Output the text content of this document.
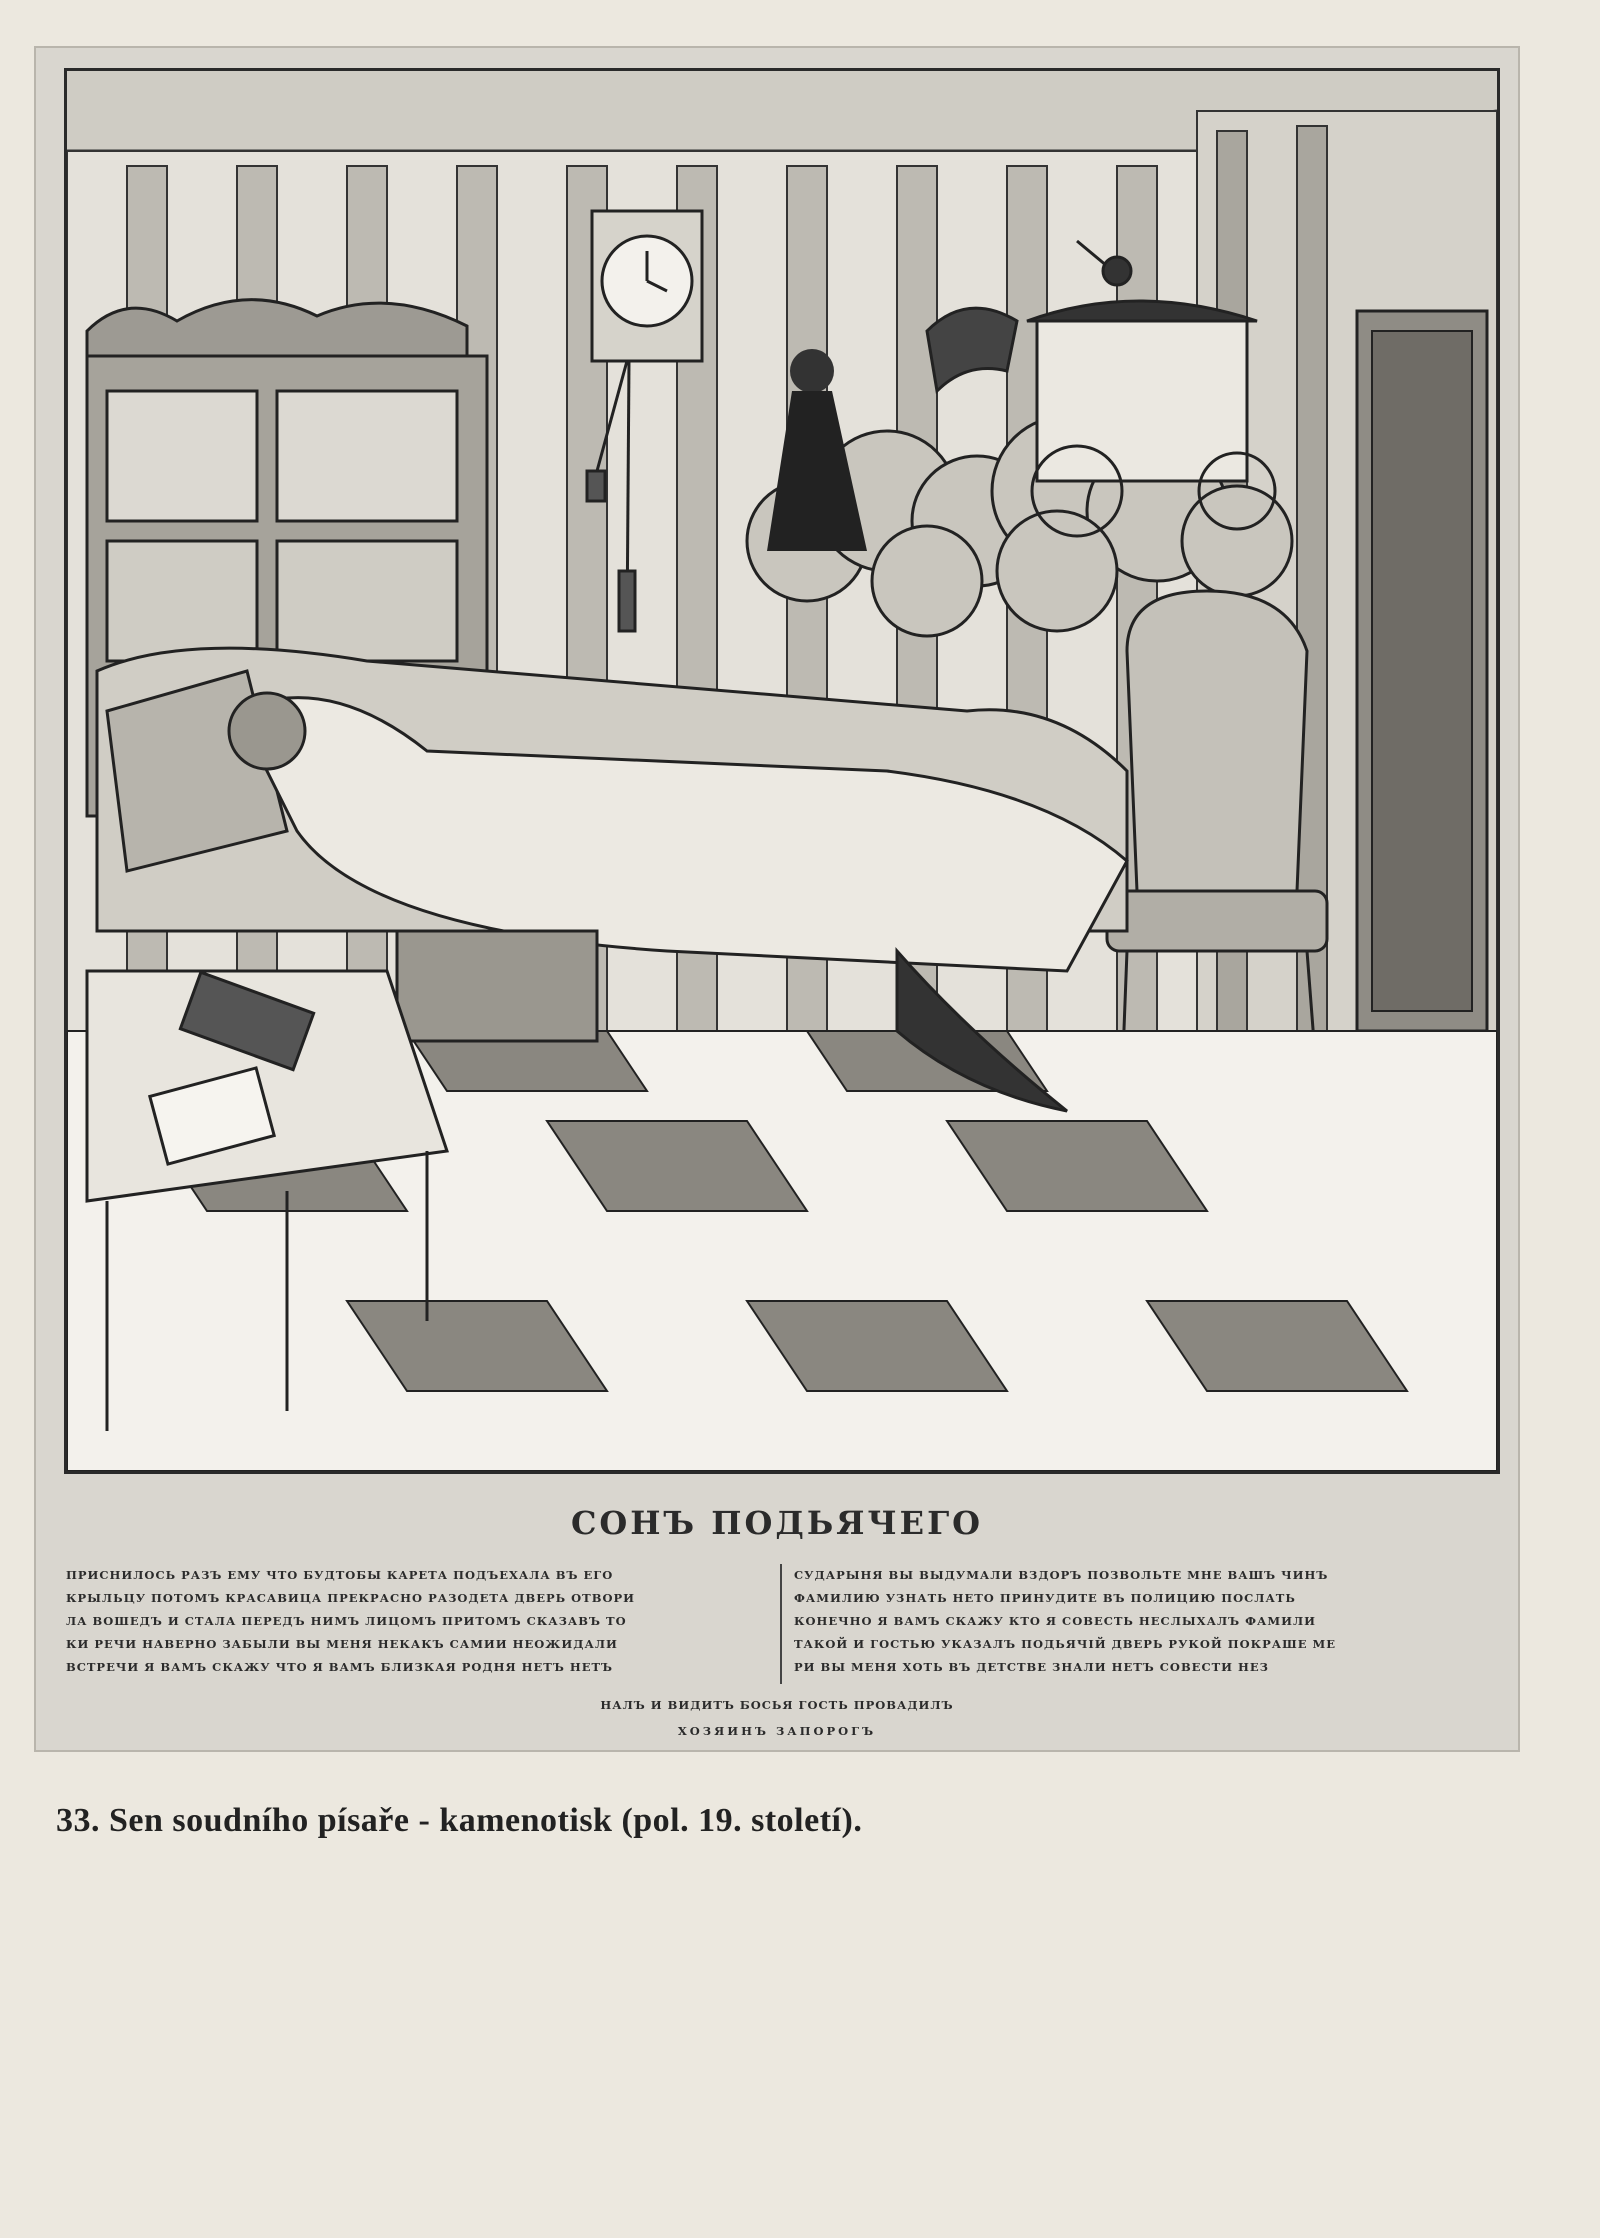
СОНЪ ПОДЬЯЧЕГО
ПРИСНИЛОСЬ РАЗЪ ЕМУ ЧТО БУДТОБЫ КАРЕТА ПОДЪЕХАЛА ВЪ ЕГО
КРЫЛЬЦУ ПОТОМЪ КРАСАВИЦА ПРЕКРАСНО РАЗОДЕТА ДВЕРЬ ОТВОРИ
ЛА ВОШЕДЪ И СТАЛА ПЕРЕДЪ НИМЪ ЛИЦОМЪ ПРИТОМЪ СКАЗАВЪ ТО
КИ РЕЧИ НАВЕРНО ЗАБЫЛИ ВЫ МЕНЯ НЕКАКЪ САМИИ НЕОЖИДАЛИ
ВСТРЕЧИ Я ВАМЪ СКАЖУ ЧТО Я ВАМЪ БЛИЗКАЯ РОДНЯ НЕТЪ НЕТЪ
СУДАРЫНЯ ВЫ ВЫДУМАЛИ ВЗДОРЪ ПОЗВОЛЬТЕ МНЕ ВАШЪ ЧИНЪ
ФАМИЛИЮ УЗНАТЬ НЕТО ПРИНУДИТЕ ВЪ ПОЛИЦИЮ ПОСЛАТЬ
КОНЕЧНО Я ВАМЪ СКАЖУ КТО Я СОВЕСТЬ НЕСЛЫХАЛЪ ФАМИЛИ
ТАКОЙ И ГОСТЬЮ УКАЗАЛЪ ПОДЬЯЧІЙ ДВЕРЬ РУКОЙ ПОКРАШЕ МЕ
РИ ВЫ МЕНЯ ХОТЬ ВЪ ДЕТСТВЕ ЗНАЛИ НЕТЪ СОВЕСТИ НЕЗ
НАЛЪ И ВИДИТЪ БОСЬЯ ГОСТЬ ПРОВАДИЛЪ
ХОЗЯИНЪ ЗАПОРОГЪ
33. Sen soudního písaře - kamenotisk (pol. 19. století).
